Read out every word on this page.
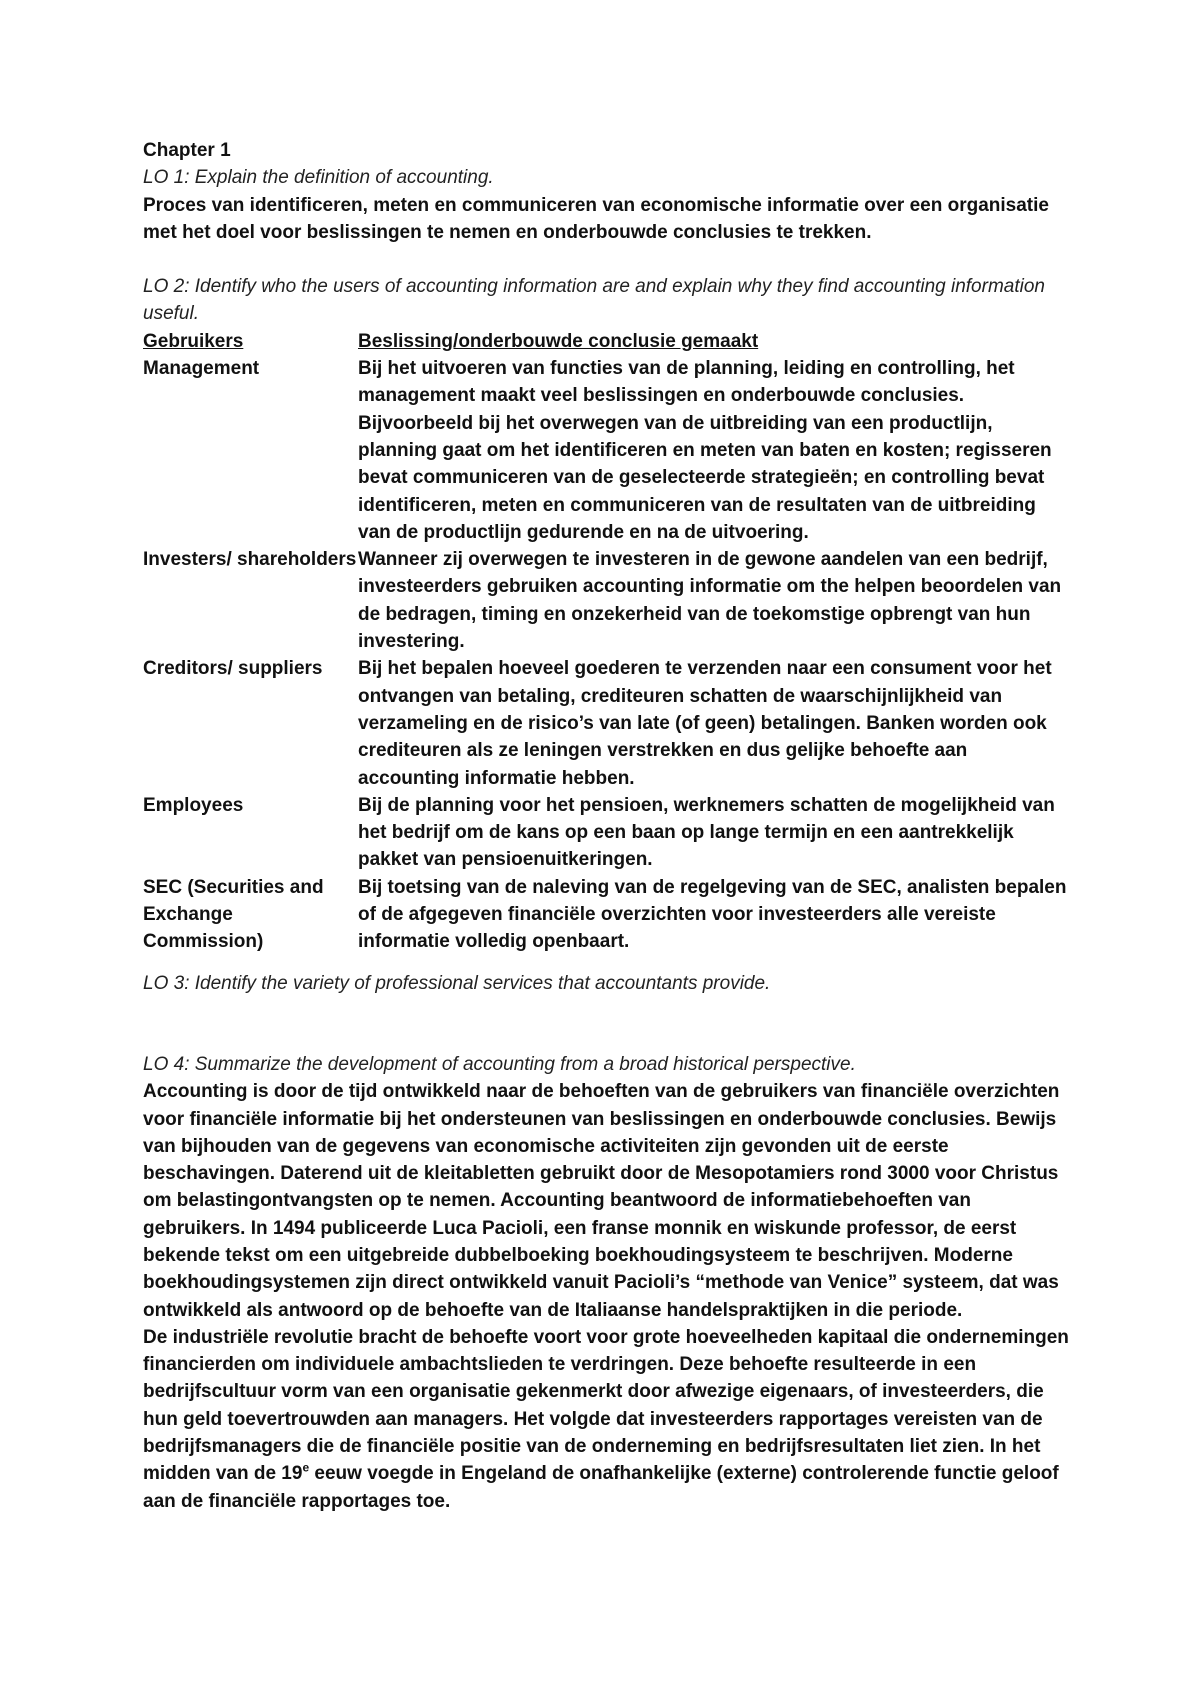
Chapter 1

LO 1: Explain the definition of accounting.

Proces van identificeren, meten en communiceren van economische informatie over een organisatie met het doel voor beslissingen te nemen en onderbouwde conclusies te trekken.

LO 2: Identify who the users of accounting information are and explain why they find accounting information useful.

Gebruikers	Beslissing/onderbouwde conclusie gemaakt
Management	Bij het uitvoeren van functies van de planning, leiding en controlling, het management maakt veel beslissingen en onderbouwde conclusies. Bijvoorbeeld bij het overwegen van de uitbreiding van een productlijn, planning gaat om het identificeren en meten van baten en kosten; regisseren bevat communiceren van de geselecteerde strategieën; en controlling bevat identificeren, meten en communiceren van de resultaten van de uitbreiding van de productlijn gedurende en na de uitvoering.
Investers/ shareholders	Wanneer zij overwegen te investeren in de gewone aandelen van een bedrijf, investeerders gebruiken accounting informatie om the helpen beoordelen van de bedragen, timing en onzekerheid van de toekomstige opbrengt van hun investering.
Creditors/ suppliers	Bij het bepalen hoeveel goederen te verzenden naar een consument voor het ontvangen van betaling, crediteuren schatten de waarschijnlijkheid van verzameling en de risico’s van late (of geen) betalingen. Banken worden ook crediteuren als ze leningen verstrekken en dus gelijke behoefte aan accounting informatie hebben.
Employees	Bij de planning voor het pensioen, werknemers schatten de mogelijkheid van het bedrijf om de kans op een baan op lange termijn en een aantrekkelijk pakket van pensioenuitkeringen.
SEC (Securities and Exchange Commission)	Bij toetsing van de naleving van de regelgeving van de SEC, analisten bepalen of de afgegeven financiële overzichten voor investeerders alle vereiste informatie volledig openbaart.

LO 3: Identify the variety of professional services that accountants provide.

LO 4: Summarize the development of accounting from a broad historical perspective.

Accounting is door de tijd ontwikkeld naar de behoeften van de gebruikers van financiële overzichten voor financiële informatie bij het ondersteunen van beslissingen en onderbouwde conclusies. Bewijs van bijhouden van de gegevens van economische activiteiten zijn gevonden uit de eerste beschavingen. Daterend uit de kleitabletten gebruikt door de Mesopotamiers rond 3000 voor Christus om belastingontvangsten op te nemen. Accounting beantwoord de informatiebehoeften van gebruikers. In 1494 publiceerde Luca Pacioli, een franse monnik en wiskunde professor, de eerst bekende tekst om een uitgebreide dubbelboeking boekhoudingsysteem te beschrijven. Moderne boekhoudingsystemen zijn direct ontwikkeld vanuit Pacioli’s “methode van Venice” systeem, dat was ontwikkeld als antwoord op de behoefte van de Italiaanse handelspraktijken in die periode.

De industriële revolutie bracht de behoefte voort voor grote hoeveelheden kapitaal die ondernemingen financierden om individuele ambachtslieden te verdringen. Deze behoefte resulteerde in een bedrijfscultuur vorm van een organisatie gekenmerkt door afwezige eigenaars, of investeerders, die hun geld toevertrouwden aan managers. Het volgde dat investeerders rapportages vereisten van de bedrijfsmanagers die de financiële positie van de onderneming en bedrijfsresultaten liet zien. In het midden van de 19e eeuw voegde in Engeland de onafhankelijke (externe) controlerende functie geloof aan de financiële rapportages toe.
